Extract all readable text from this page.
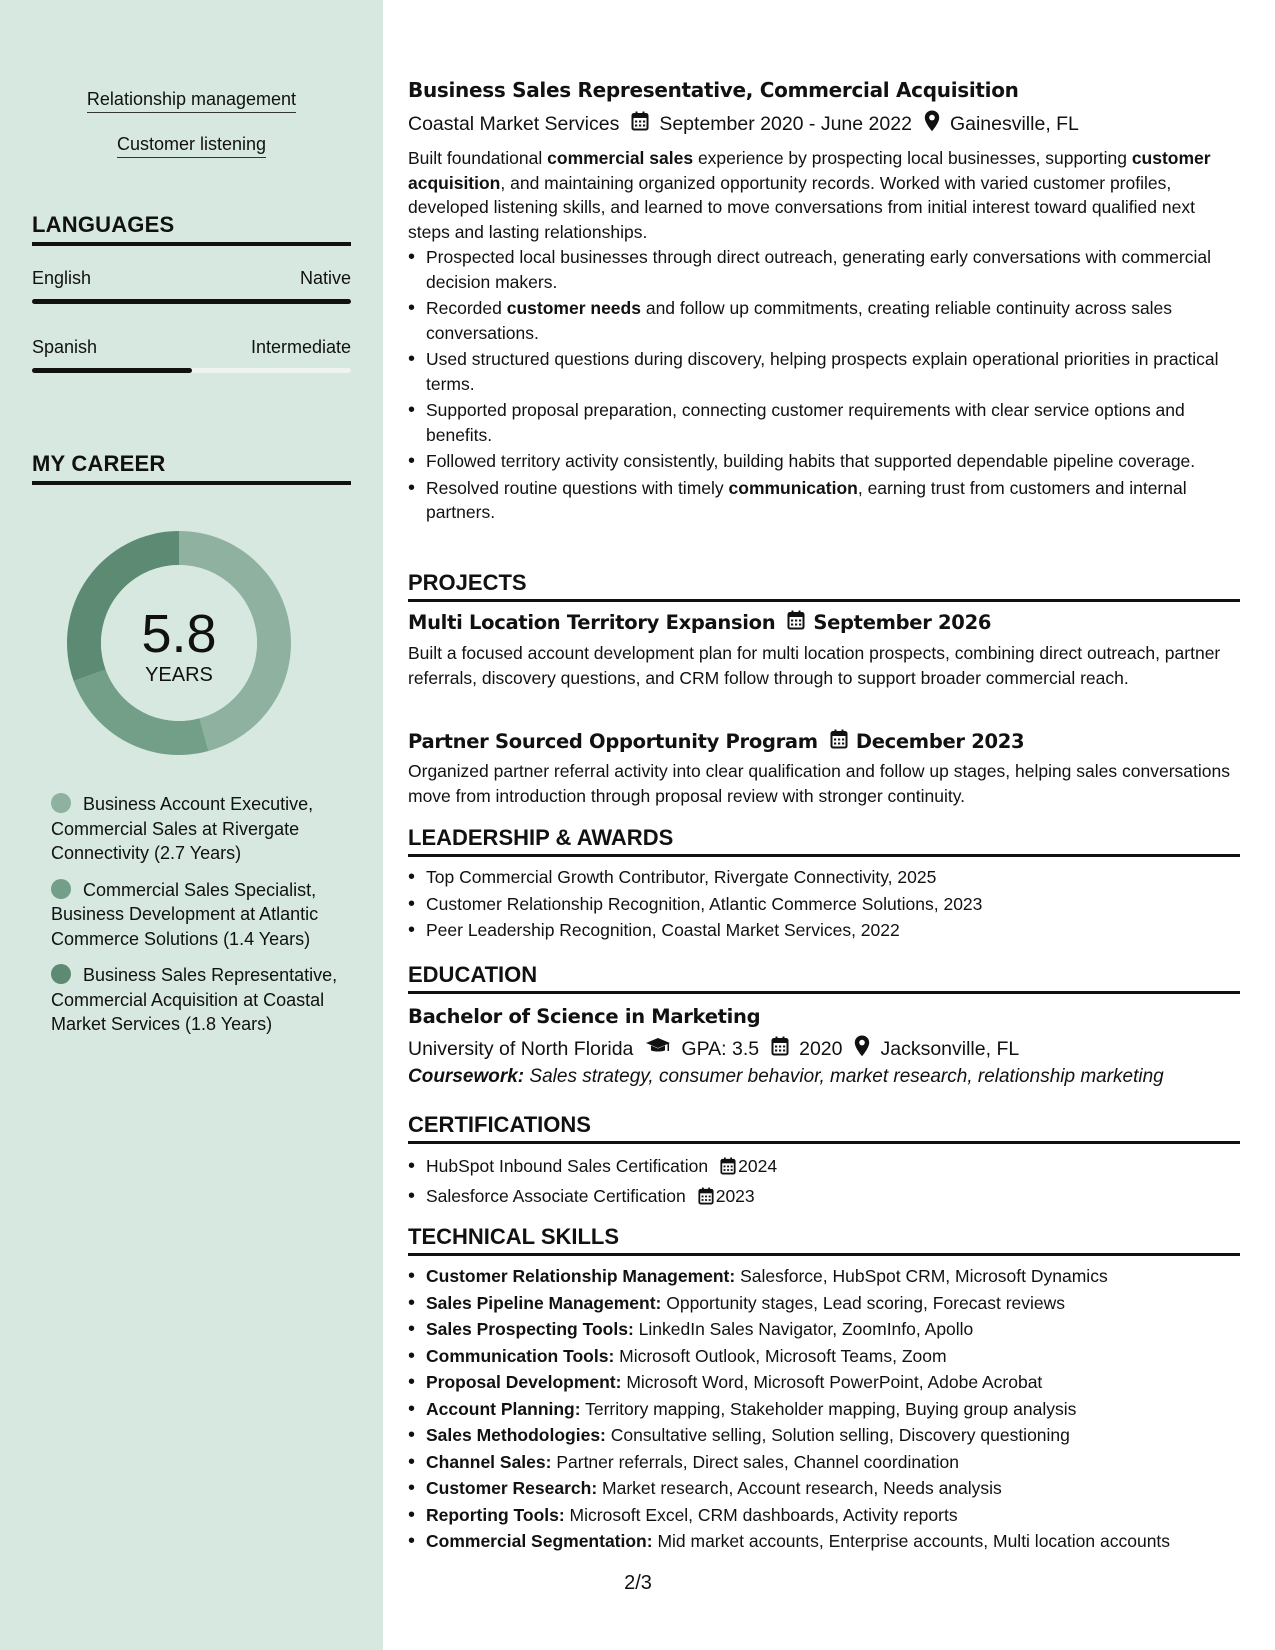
Relationship management
Customer listening
LANGUAGES
English	Native
Spanish	Intermediate
MY CAREER
5.8
YEARS
Business Account Executive, Commercial Sales at Rivergate Connectivity (2.7 Years)
Commercial Sales Specialist, Business Development at Atlantic Commerce Solutions (1.4 Years)
Business Sales Representative, Commercial Acquisition at Coastal Market Services (1.8 Years)
Business Sales Representative, Commercial Acquisition
Coastal Market Services September 2020 - June 2022 Gainesville, FL
Built foundational commercial sales experience by prospecting local businesses, supporting customer acquisition, and maintaining organized opportunity records. Worked with varied customer profiles, developed listening skills, and learned to move conversations from initial interest toward qualified next steps and lasting relationships.
• Prospected local businesses through direct outreach, generating early conversations with commercial decision makers.
• Recorded customer needs and follow up commitments, creating reliable continuity across sales conversations.
• Used structured questions during discovery, helping prospects explain operational priorities in practical terms.
• Supported proposal preparation, connecting customer requirements with clear service options and benefits.
• Followed territory activity consistently, building habits that supported dependable pipeline coverage.
• Resolved routine questions with timely communication, earning trust from customers and internal partners.
PROJECTS
Multi Location Territory Expansion September 2026
Built a focused account development plan for multi location prospects, combining direct outreach, partner referrals, discovery questions, and CRM follow through to support broader commercial reach.
Partner Sourced Opportunity Program December 2023
Organized partner referral activity into clear qualification and follow up stages, helping sales conversations move from introduction through proposal review with stronger continuity.
LEADERSHIP & AWARDS
• Top Commercial Growth Contributor, Rivergate Connectivity, 2025
• Customer Relationship Recognition, Atlantic Commerce Solutions, 2023
• Peer Leadership Recognition, Coastal Market Services, 2022
EDUCATION
Bachelor of Science in Marketing
University of North Florida GPA: 3.5 2020 Jacksonville, FL
Coursework: Sales strategy, consumer behavior, market research, relationship marketing
CERTIFICATIONS
• HubSpot Inbound Sales Certification 2024
• Salesforce Associate Certification 2023
TECHNICAL SKILLS
• Customer Relationship Management: Salesforce, HubSpot CRM, Microsoft Dynamics
• Sales Pipeline Management: Opportunity stages, Lead scoring, Forecast reviews
• Sales Prospecting Tools: LinkedIn Sales Navigator, ZoomInfo, Apollo
• Communication Tools: Microsoft Outlook, Microsoft Teams, Zoom
• Proposal Development: Microsoft Word, Microsoft PowerPoint, Adobe Acrobat
• Account Planning: Territory mapping, Stakeholder mapping, Buying group analysis
• Sales Methodologies: Consultative selling, Solution selling, Discovery questioning
• Channel Sales: Partner referrals, Direct sales, Channel coordination
• Customer Research: Market research, Account research, Needs analysis
• Reporting Tools: Microsoft Excel, CRM dashboards, Activity reports
• Commercial Segmentation: Mid market accounts, Enterprise accounts, Multi location accounts
2/3
